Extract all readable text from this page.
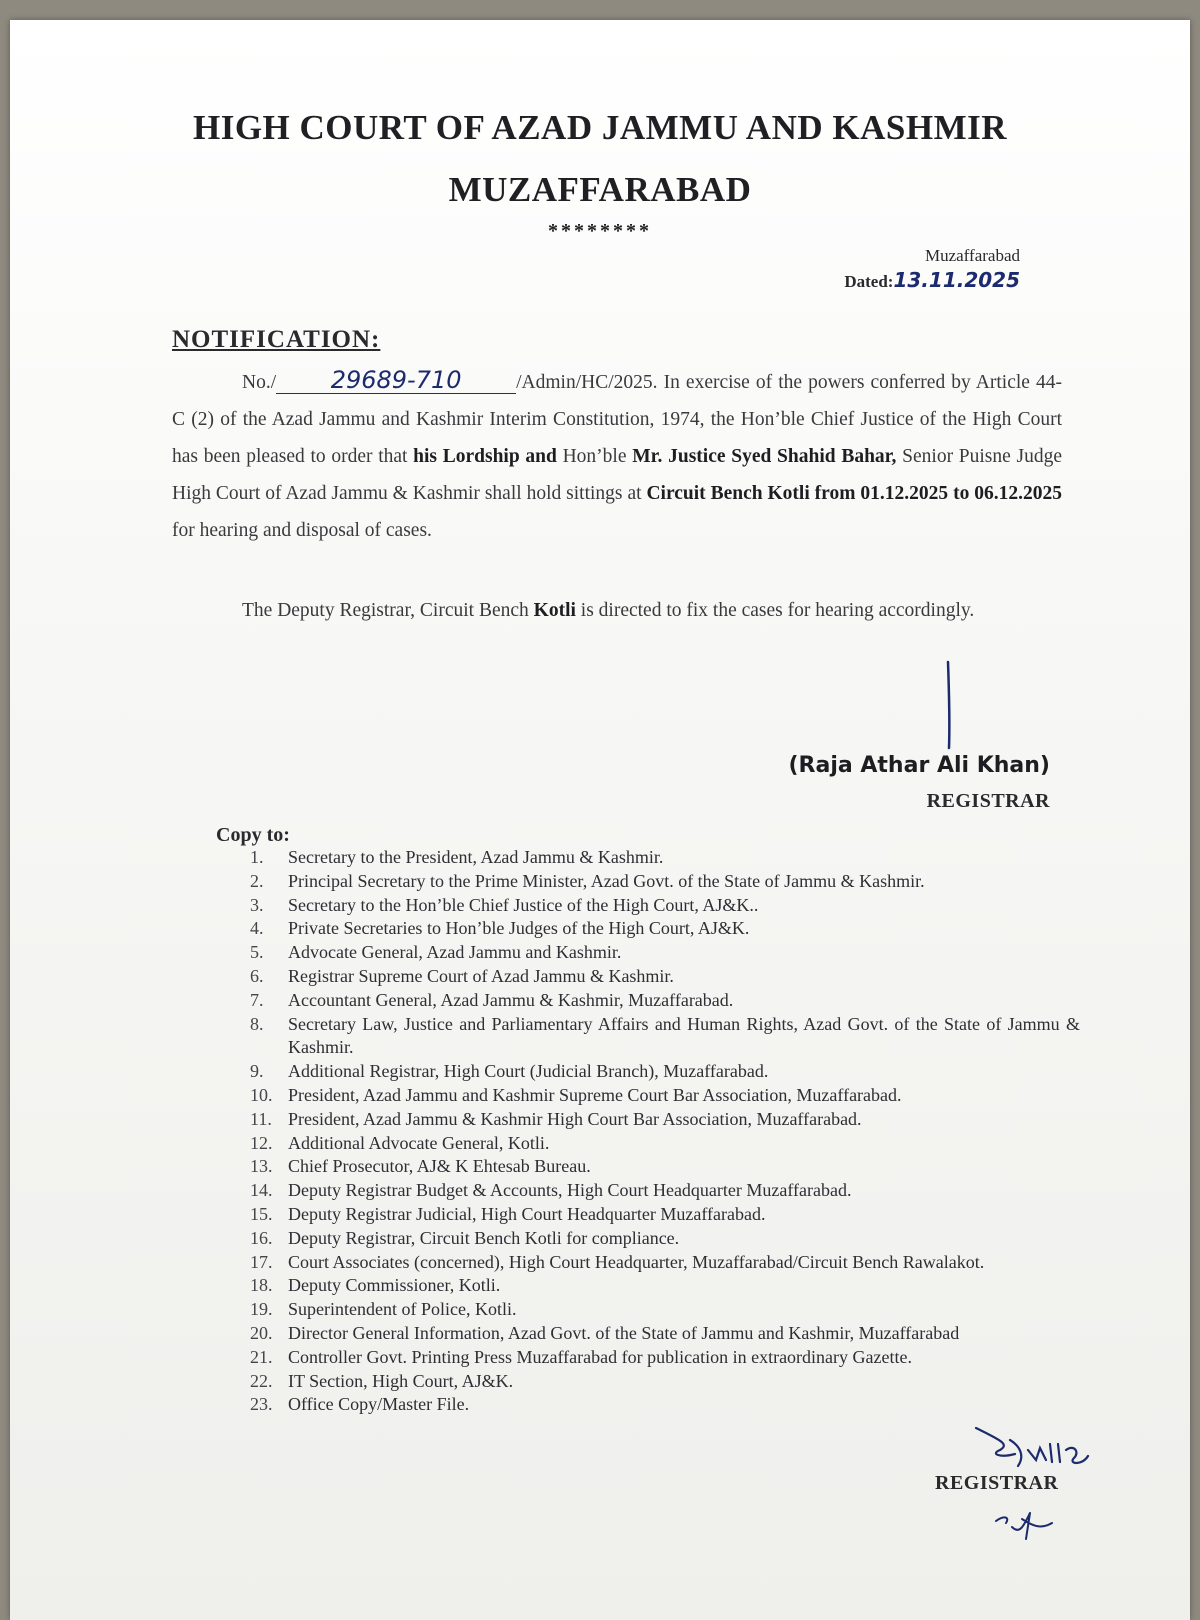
HIGH COURT OF AZAD JAMMU AND KASHMIR
MUZAFFARABAD
********
Muzaffarabad
Dated:13.11.2025
NOTIFICATION:
No./ 29689-710	/Admin/HC/2025. In exercise of the powers conferred by Article 44-C (2) of the Azad Jammu and Kashmir Interim Constitution, 1974, the Hon’ble Chief Justice of the High Court has been pleased to order that his Lordship and Hon’ble Mr. Justice Syed Shahid Bahar, Senior Puisne Judge High Court of Azad Jammu & Kashmir shall hold sittings at Circuit Bench Kotli from 01.12.2025 to 06.12.2025 for hearing and disposal of cases.
The Deputy Registrar, Circuit Bench Kotli is directed to fix the cases for hearing accordingly.
(Raja Athar Ali Khan)
REGISTRAR
Copy to:
1.	Secretary to the President, Azad Jammu & Kashmir.
2.	Principal Secretary to the Prime Minister, Azad Govt. of the State of Jammu & Kashmir.
3.	Secretary to the Hon’ble Chief Justice of the High Court, AJ&K..
4.	Private Secretaries to Hon’ble Judges of the High Court, AJ&K.
5.	Advocate General, Azad Jammu and Kashmir.
6.	Registrar Supreme Court of Azad Jammu & Kashmir.
7.	Accountant General, Azad Jammu & Kashmir, Muzaffarabad.
8.	Secretary Law, Justice and Parliamentary Affairs and Human Rights, Azad Govt. of the State of Jammu & Kashmir.
9.	Additional Registrar, High Court (Judicial Branch), Muzaffarabad.
10. President, Azad Jammu and Kashmir Supreme Court Bar Association, Muzaffarabad.
11. President, Azad Jammu & Kashmir High Court Bar Association, Muzaffarabad.
12. Additional Advocate General, Kotli.
13. Chief Prosecutor, AJ& K Ehtesab Bureau.
14. Deputy Registrar Budget & Accounts, High Court Headquarter Muzaffarabad.
15. Deputy Registrar Judicial, High Court Headquarter Muzaffarabad.
16. Deputy Registrar, Circuit Bench Kotli for compliance.
17. Court Associates (concerned), High Court Headquarter, Muzaffarabad/Circuit Bench Rawalakot.
18. Deputy Commissioner, Kotli.
19. Superintendent of Police, Kotli.
20. Director General Information, Azad Govt. of the State of Jammu and Kashmir, Muzaffarabad
21. Controller Govt. Printing Press Muzaffarabad for publication in extraordinary Gazette.
22. IT Section, High Court, AJ&K.
23. Office Copy/Master File.
REGISTRAR
